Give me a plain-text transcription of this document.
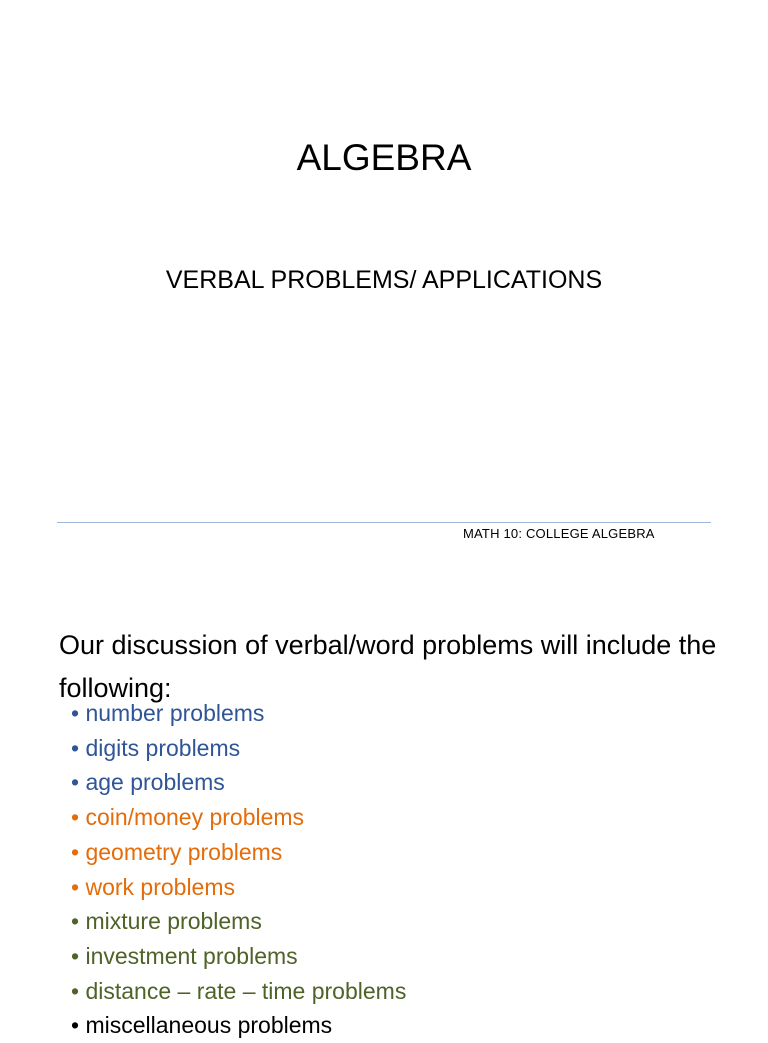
ALGEBRA
VERBAL PROBLEMS/ APPLICATIONS
MATH 10: COLLEGE ALGEBRA
Our discussion of verbal/word problems will include the following:
• number problems
• digits problems
• age problems
• coin/money problems
• geometry problems
• work problems
• mixture problems
• investment problems
• distance – rate – time problems
• miscellaneous problems
